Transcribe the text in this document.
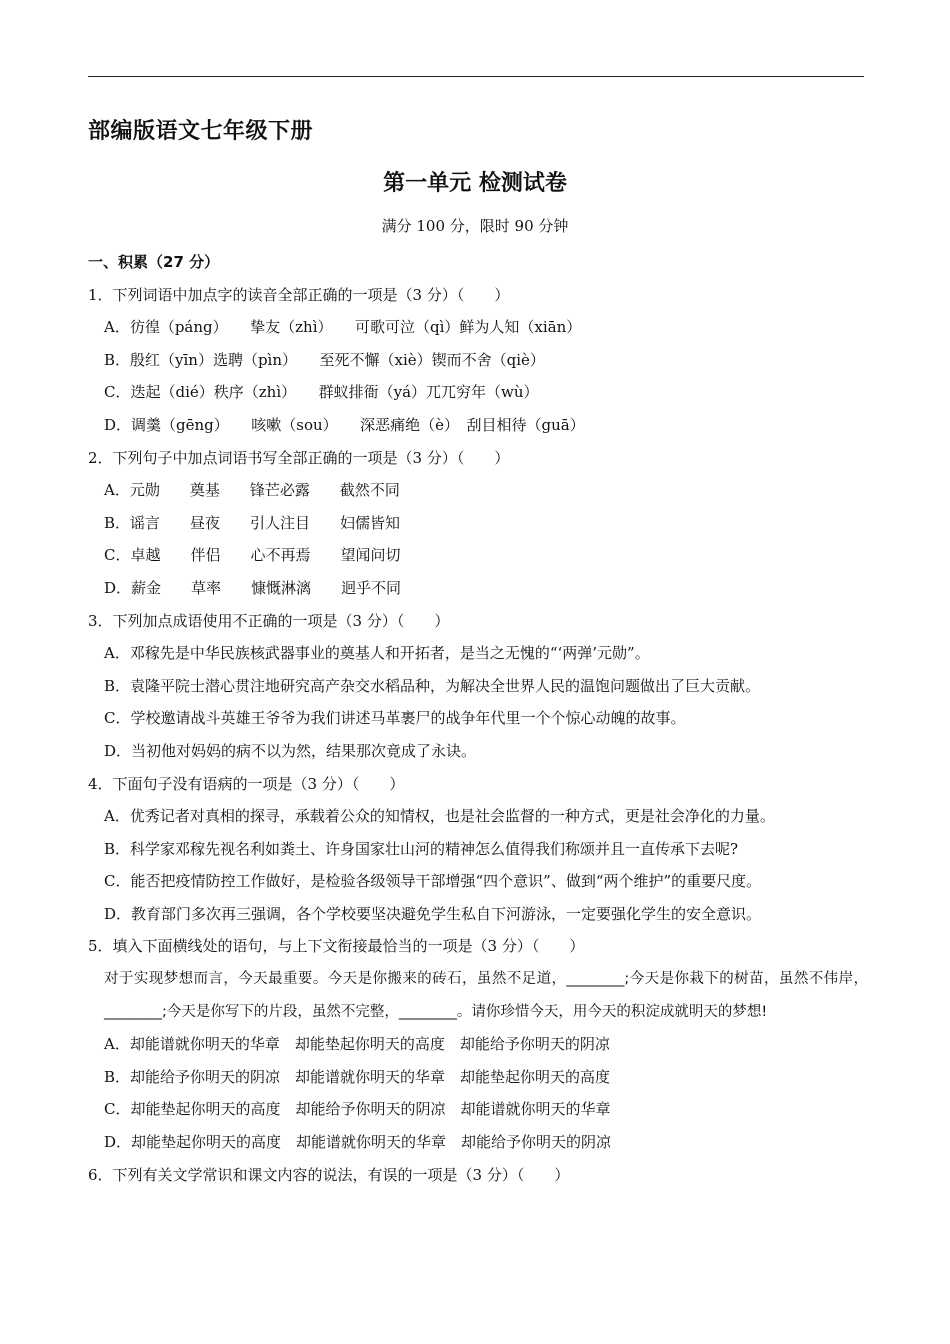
部编版语文七年级下册
第一单元 检测试卷
满分 100 分，限时 90 分钟
一、积累（27 分）
1．下列词语中加点字的读音全部正确的一项是（3 分）（　　）
A．彷徨（páng）　　挚友（zhì）　　可歌可泣（qì）鲜为人知（xiān）
B．殷红（yīn）选聘（pìn）　　至死不懈（xiè）锲而不舍（qiè）
C．迭起（dié）秩序（zhì）　　群蚁排衙（yá）兀兀穷年（wù）
D．调羹（gēng）　　咳嗽（sou）　　深恶痛绝（è）　刮目相待（guā）
2．下列句子中加点词语书写全部正确的一项是（3 分）（　　）
A．元勋　　奠基　　锋芒必露　　截然不同
B．谣言　　昼夜　　引人注目　　妇儒皆知
C．卓越　　伴侣　　心不再焉　　望闻问切
D．薪金　　草率　　慷慨淋漓　　迥乎不同
3．下列加点成语使用不正确的一项是（3 分）（　　）
A．邓稼先是中华民族核武器事业的奠基人和开拓者，是当之无愧的“‘两弹’元勋”。
B．袁隆平院士潜心贯注地研究高产杂交水稻品种，为解决全世界人民的温饱问题做出了巨大贡献。
C．学校邀请战斗英雄王爷爷为我们讲述马革裹尸的战争年代里一个个惊心动魄的故事。
D．当初他对妈妈的病不以为然，结果那次竟成了永诀。
4．下面句子没有语病的一项是（3 分）（　　）
A．优秀记者对真相的探寻，承载着公众的知情权，也是社会监督的一种方式，更是社会净化的力量。
B．科学家邓稼先视名利如粪土、许身国家壮山河的精神怎么值得我们称颂并且一直传承下去呢?
C．能否把疫情防控工作做好，是检验各级领导干部增强“四个意识”、做到“两个维护”的重要尺度。
D．教育部门多次再三强调，各个学校要坚决避免学生私自下河游泳，一定要强化学生的安全意识。
5．填入下面横线处的语句，与上下文衔接最恰当的一项是（3 分）（　　）
对于实现梦想而言，今天最重要。今天是你搬来的砖石，虽然不足道，________;今天是你栽下的树苗，虽然不伟岸，________;今天是你写下的片段，虽然不完整，________。请你珍惜今天，用今天的积淀成就明天的梦想!
A．却能谱就你明天的华章　却能垫起你明天的高度　却能给予你明天的阴凉
B．却能给予你明天的阴凉　却能谱就你明天的华章　却能垫起你明天的高度
C．却能垫起你明天的高度　却能给予你明天的阴凉　却能谱就你明天的华章
D．却能垫起你明天的高度　却能谱就你明天的华章　却能给予你明天的阴凉
6．下列有关文学常识和课文内容的说法，有误的一项是（3 分）（　　）
